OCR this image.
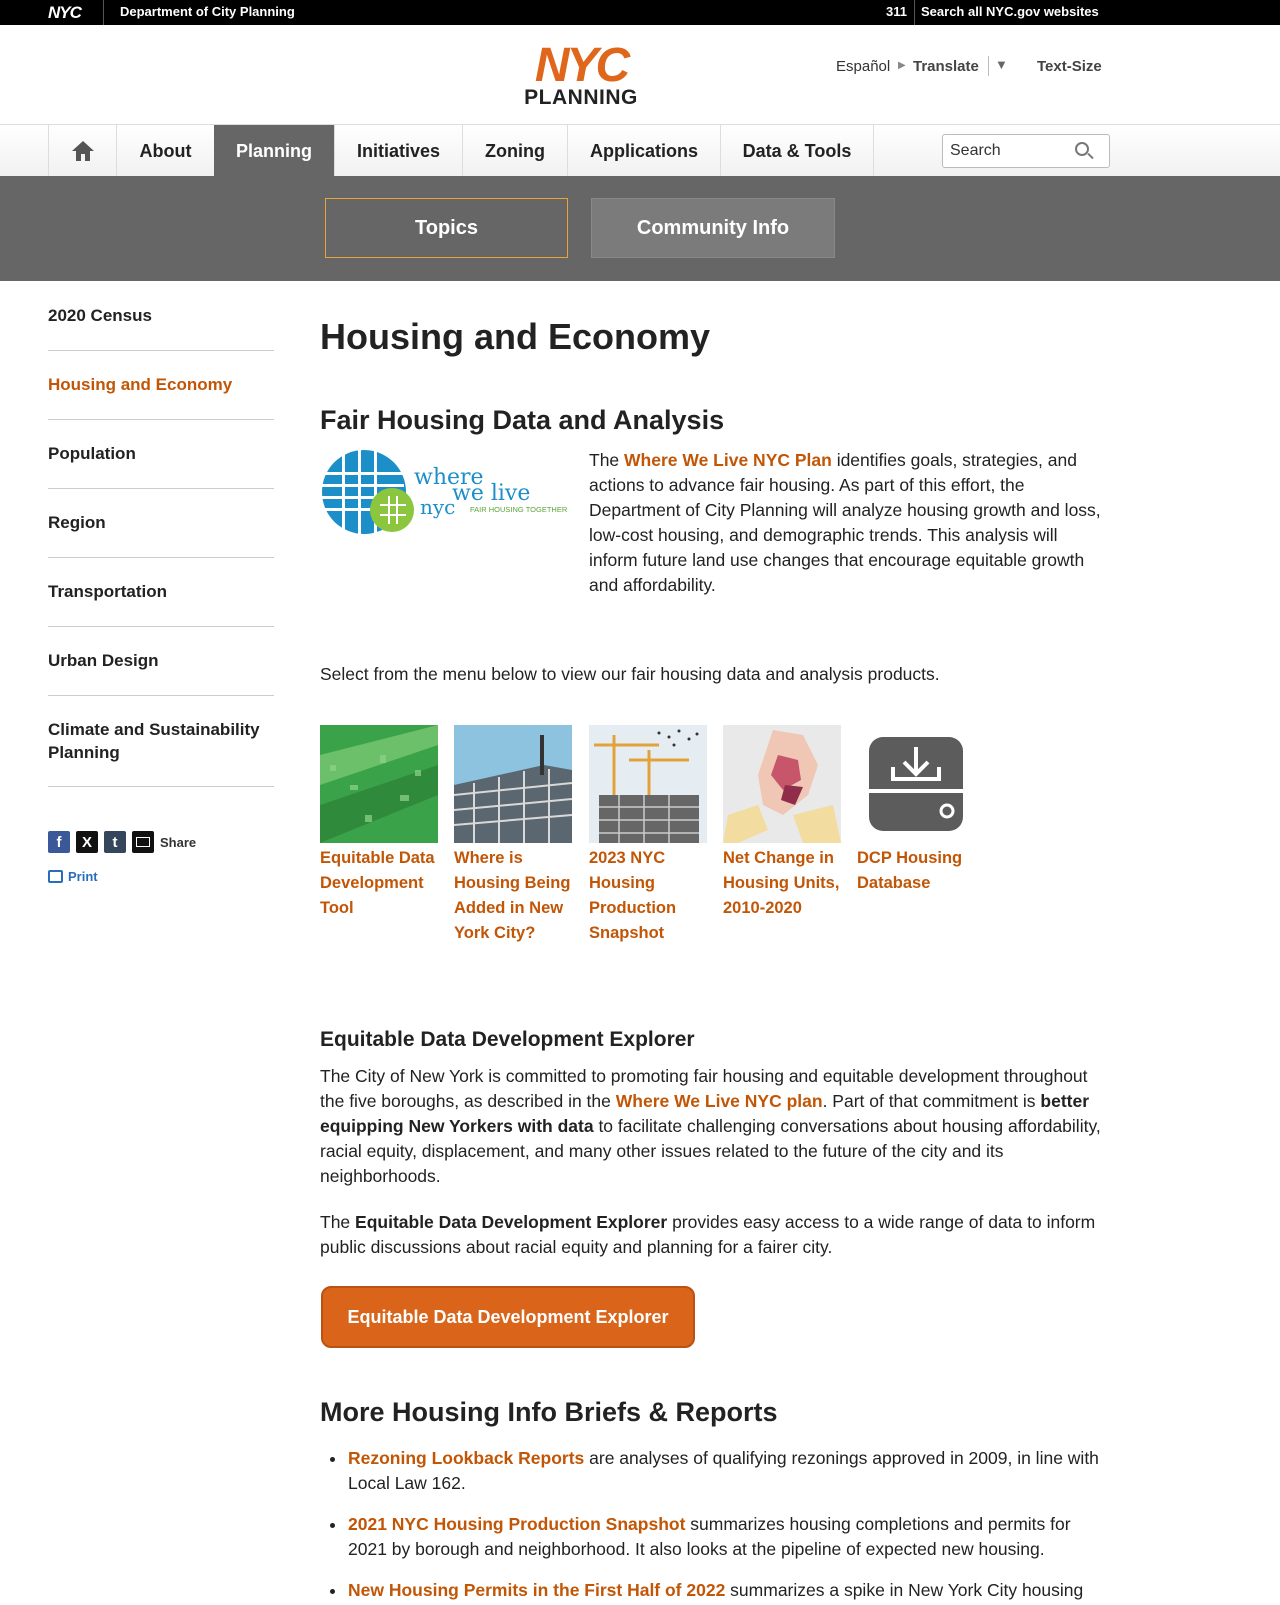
NYC	Department of City Planning	311 Search all NYC.gov websites
NYC
PLANNING
Español ▶ Translate ▼ Text-Size
About	Planning	Initiatives	Zoning	Applications	Data & Tools
Search
Topics	Community Info
2020 Census
Housing and Economy
Population
Region
Transportation
Urban Design
Climate and Sustainability Planning
f	X	t	Share
Print
Housing and Economy
Fair Housing Data and Analysis
where
we live
nyc FAIR HOUSING TOGETHER
The Where We Live NYC Plan identifies goals, strategies, and actions to advance fair housing. As part of this effort, the Department of City Planning will analyze housing growth and loss, low-cost housing, and demographic trends. This analysis will inform future land use changes that encourage equitable growth and affordability.
Select from the menu below to view our fair housing data and analysis products.
Equitable Data Development Tool
Where is Housing Being Added in New York City?
2023 NYC Housing Production Snapshot
Net Change in Housing Units, 2010-2020
DCP Housing Database
Equitable Data Development Explorer
The City of New York is committed to promoting fair housing and equitable development throughout the five boroughs, as described in the Where We Live NYC plan. Part of that commitment is better equipping New Yorkers with data to facilitate challenging conversations about housing affordability, racial equity, displacement, and many other issues related to the future of the city and its neighborhoods.
The Equitable Data Development Explorer provides easy access to a wide range of data to inform public discussions about racial equity and planning for a fairer city.
Equitable Data Development Explorer
More Housing Info Briefs & Reports
Rezoning Lookback Reports are analyses of qualifying rezonings approved in 2009, in line with Local Law 162.
2021 NYC Housing Production Snapshot summarizes housing completions and permits for 2021 by borough and neighborhood. It also looks at the pipeline of expected new housing.
New Housing Permits in the First Half of 2022 summarizes a spike in New York City housing
